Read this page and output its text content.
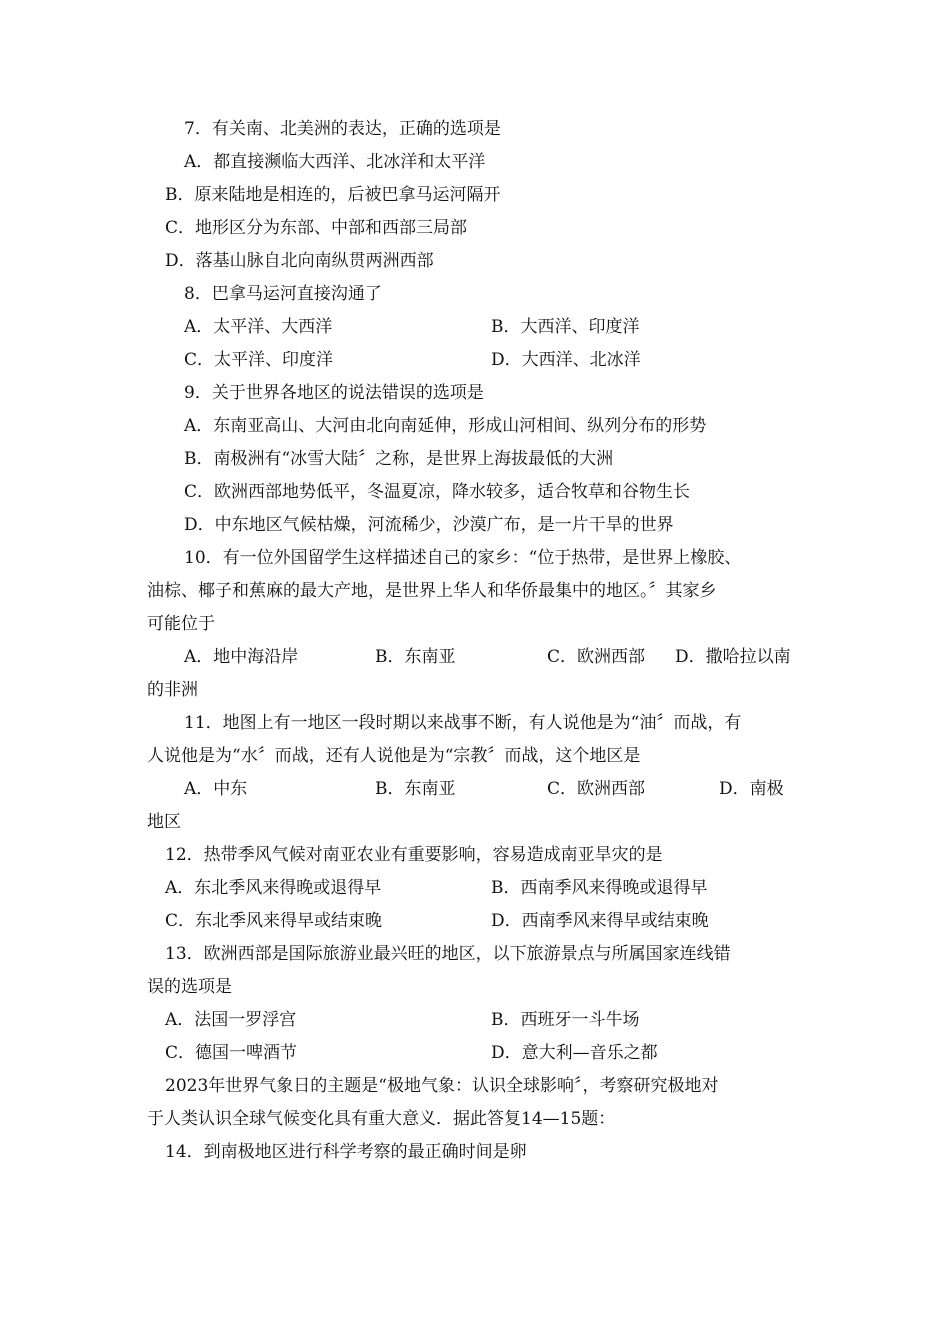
7．有关南、北美洲的表达，正确的选项是
A．都直接濒临大西洋、北冰洋和太平洋
B．原来陆地是相连的，后被巴拿马运河隔开
C．地形区分为东部、中部和西部三局部
D．落基山脉自北向南纵贯两洲西部
8．巴拿马运河直接沟通了
A．太平洋、大西洋	B．大西洋、印度洋
C．太平洋、印度洋	D．大西洋、北冰洋
9．关于世界各地区的说法错误的选项是
A．东南亚高山、大河由北向南延伸，形成山河相间、纵列分布的形势
B．南极洲有“冰雪大陆〞之称，是世界上海拔最低的大洲
C．欧洲西部地势低平，冬温夏凉，降水较多，适合牧草和谷物生长
D．中东地区气候枯燥，河流稀少，沙漠广布，是一片干旱的世界
10．有一位外国留学生这样描述自己的家乡：“位于热带，是世界上橡胶、
油棕、椰子和蕉麻的最大产地，是世界上华人和华侨最集中的地区。〞其家乡
可能位于
A．地中海沿岸	B．东南亚	C．欧洲西部 D．撒哈拉以南
的非洲
11．地图上有一地区一段时期以来战事不断，有人说他是为“油〞而战，有
人说他是为“水〞而战，还有人说他是为“宗教〞而战，这个地区是
A．中东	B．东南亚	C．欧洲西部	D．南极
地区
12．热带季风气候对南亚农业有重要影响，容易造成南亚旱灾的是
A．东北季风来得晚或退得早	B．西南季风来得晚或退得早
C．东北季风来得早或结束晚	D．西南季风来得早或结束晚
13．欧洲西部是国际旅游业最兴旺的地区，以下旅游景点与所属国家连线错
误的选项是
A．法国一罗浮宫	B．西班牙一斗牛场
C．德国一啤酒节	D．意大利—音乐之都
2023年世界气象日的主题是“极地气象：认识全球影响〞，考察研究极地对
于人类认识全球气候变化具有重大意义．据此答复14—15题：
14．到南极地区进行科学考察的最正确时间是卵
